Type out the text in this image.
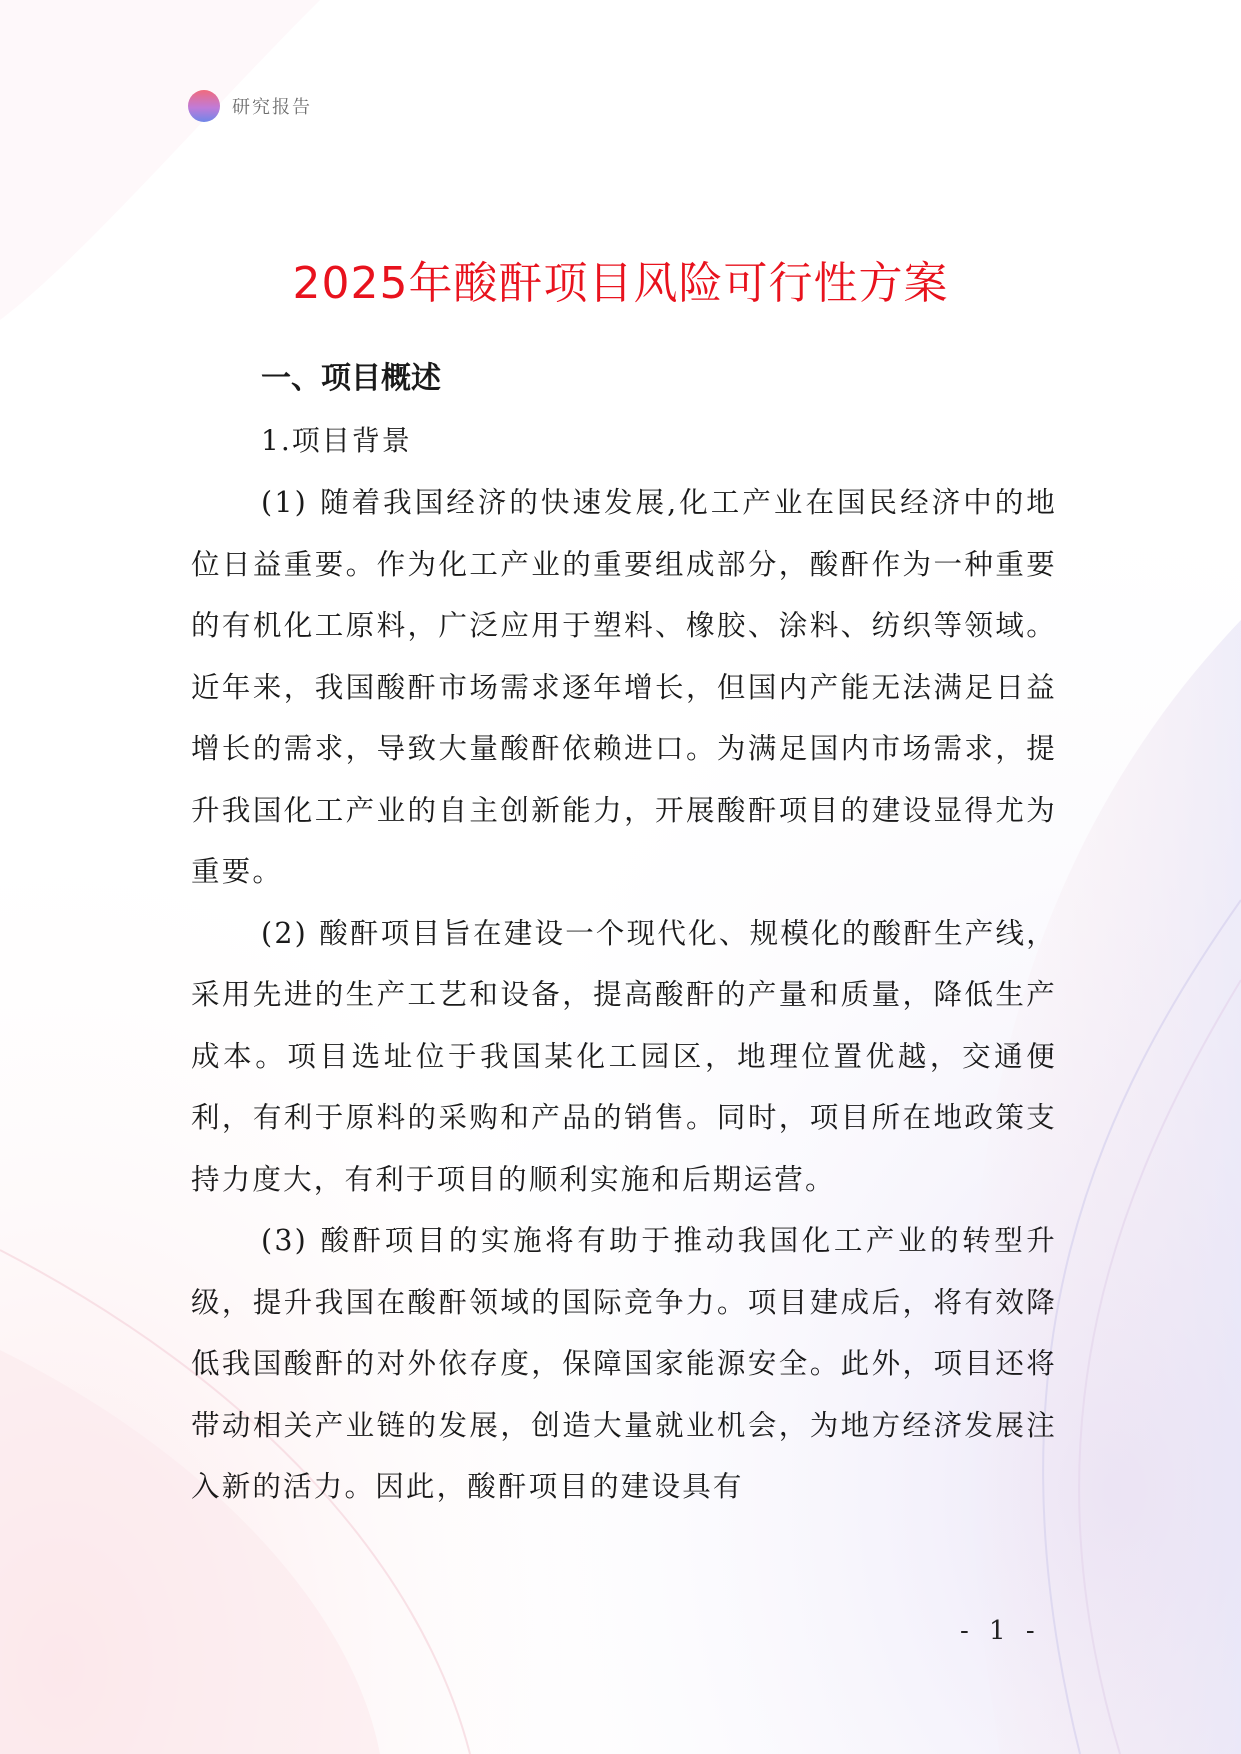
研究报告
2025年酸酐项目风险可行性方案

一、项目概述

1.项目背景

(1) 随着我国经济的快速发展,化工产业在国民经济中的地位日益重要。作为化工产业的重要组成部分，酸酐作为一种重要的有机化工原料，广泛应用于塑料、橡胶、涂料、纺织等领域。近年来，我国酸酐市场需求逐年增长，但国内产能无法满足日益增长的需求，导致大量酸酐依赖进口。为满足国内市场需求，提升我国化工产业的自主创新能力，开展酸酐项目的建设显得尤为重要。

(2) 酸酐项目旨在建设一个现代化、规模化的酸酐生产线，采用先进的生产工艺和设备，提高酸酐的产量和质量，降低生产成本。项目选址位于我国某化工园区，地理位置优越，交通便利，有利于原料的采购和产品的销售。同时，项目所在地政策支持力度大，有利于项目的顺利实施和后期运营。

(3) 酸酐项目的实施将有助于推动我国化工产业的转型升级，提升我国在酸酐领域的国际竞争力。项目建成后，将有效降低我国酸酐的对外依存度，保障国家能源安全。此外，项目还将带动相关产业链的发展，创造大量就业机会，为地方经济发展注入新的活力。因此，酸酐项目的建设具有

- 1 -
